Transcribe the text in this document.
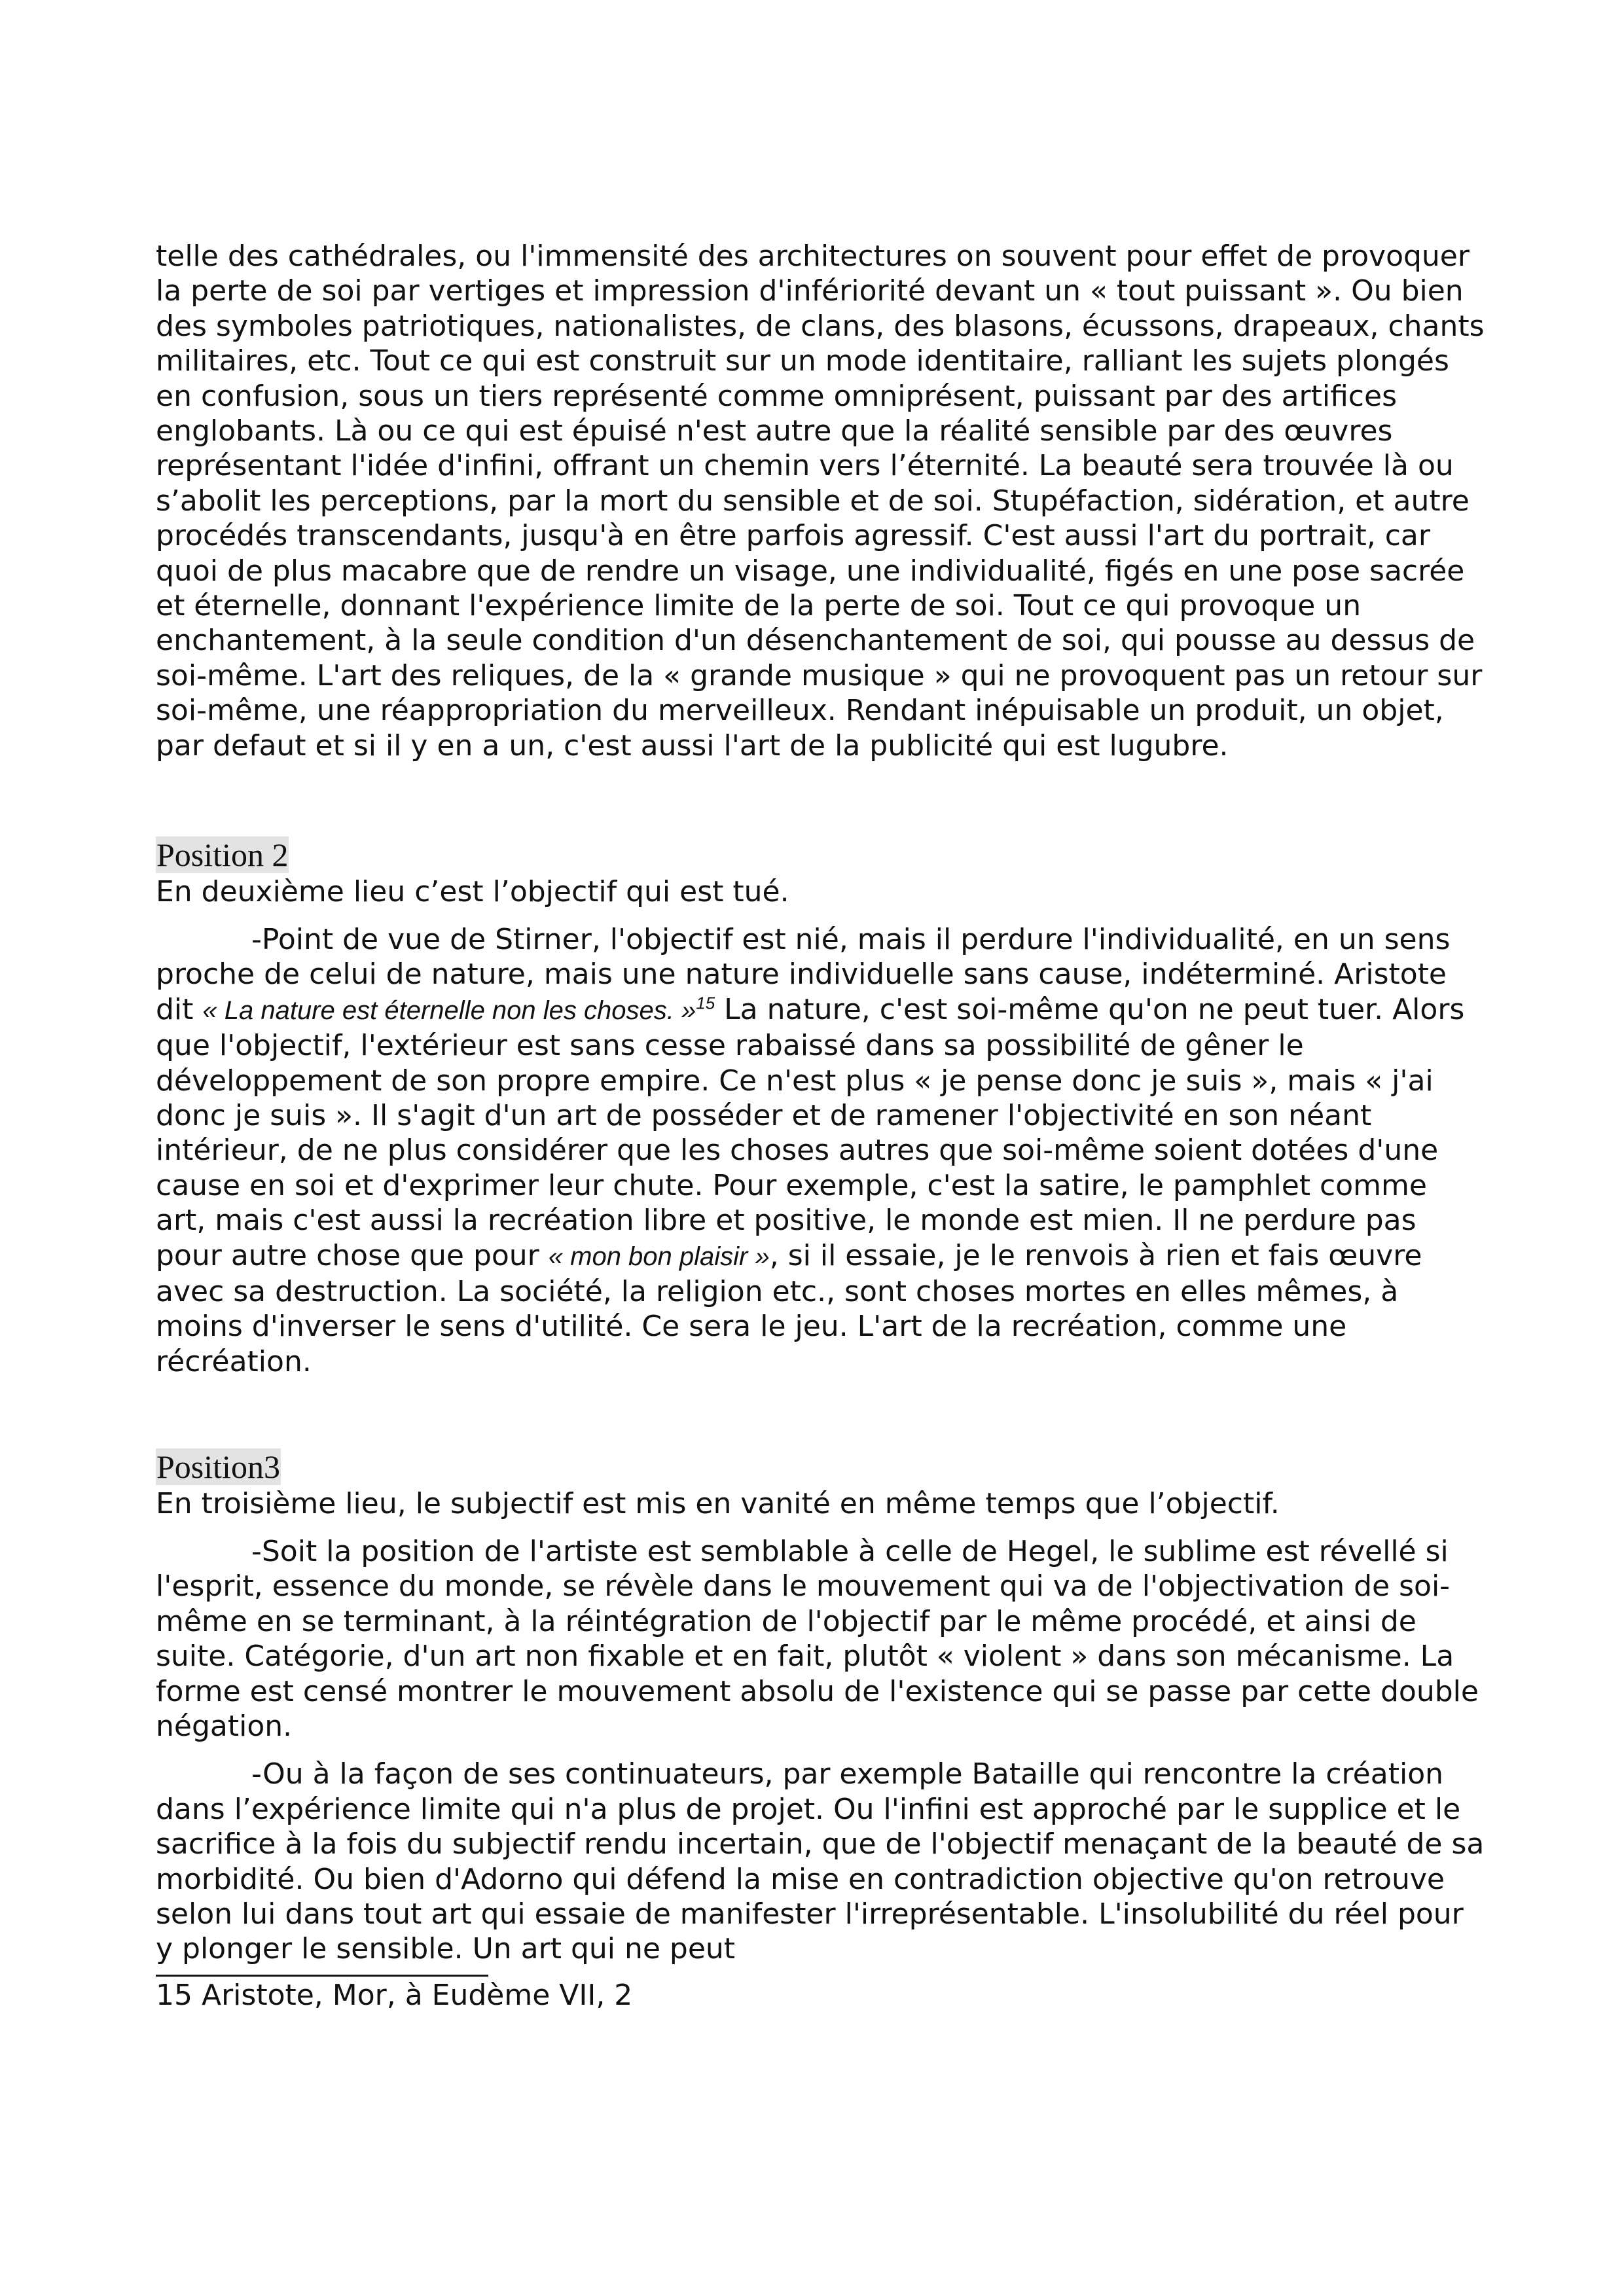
telle des cathédrales, ou l'immensité des architectures on souvent pour effet de provoquer la perte de soi par vertiges et impression d'infériorité devant un « tout puissant ». Ou bien des symboles patriotiques, nationalistes, de clans, des blasons, écussons, drapeaux, chants militaires, etc. Tout ce qui est construit sur un mode identitaire, ralliant les sujets plongés en confusion, sous un tiers représenté comme omniprésent, puissant par des artifices englobants. Là ou ce qui est épuisé n'est autre que la réalité sensible par des œuvres représentant l'idée d'infini, offrant un chemin vers l’éternité. La beauté sera trouvée là ou s’abolit les perceptions, par la mort du sensible et de soi. Stupéfaction, sidération, et autre procédés transcendants, jusqu'à en être parfois agressif. C'est aussi l'art du portrait, car quoi de plus macabre que de rendre un visage, une individualité, figés en une pose sacrée et éternelle, donnant l'expérience limite de la perte de soi. Tout ce qui provoque un enchantement, à la seule condition d'un désenchantement de soi, qui pousse au dessus de soi-même. L'art des reliques, de la « grande musique » qui ne provoquent pas un retour sur soi-même, une réappropriation du merveilleux. Rendant inépuisable un produit, un objet, par defaut et si il y en a un, c'est aussi l'art de la publicité qui est lugubre.

Position 2

En deuxième lieu c’est l’objectif qui est tué.

-Point de vue de Stirner, l'objectif est nié, mais il perdure l'individualité, en un sens proche de celui de nature, mais une nature individuelle sans cause, indéterminé. Aristote dit « La nature est éternelle non les choses. »$^{15}$ La nature, c'est soi-même qu'on ne peut tuer. Alors que l'objectif, l'extérieur est sans cesse rabaissé dans sa possibilité de gêner le développement de son propre empire. Ce n'est plus « je pense donc je suis », mais « j'ai donc je suis ». Il s'agit d'un art de posséder et de ramener l'objectivité en son néant intérieur, de ne plus considérer que les choses autres que soi-même soient dotées d'une cause en soi et d'exprimer leur chute. Pour exemple, c'est la satire, le pamphlet comme art, mais c'est aussi la recréation libre et positive, le monde est mien. Il ne perdure pas pour autre chose que pour « mon bon plaisir », si il essaie, je le renvois à rien et fais œuvre avec sa destruction. La société, la religion etc., sont choses mortes en elles mêmes, à moins d'inverser le sens d'utilité. Ce sera le jeu. L'art de la recréation, comme une récréation.

Position3

En troisième lieu, le subjectif est mis en vanité en même temps que l’objectif.

-Soit la position de l'artiste est semblable à celle de Hegel, le sublime est révellé si l'esprit, essence du monde, se révèle dans le mouvement qui va de l'objectivation de soi-même en se terminant, à la réintégration de l'objectif par le même procédé, et ainsi de suite. Catégorie, d'un art non fixable et en fait, plutôt « violent » dans son mécanisme. La forme est censé montrer le mouvement absolu de l'existence qui se passe par cette double négation.

-Ou à la façon de ses continuateurs, par exemple Bataille qui rencontre la création dans l’expérience limite qui n'a plus de projet. Ou l'infini est approché par le supplice et le sacrifice à la fois du subjectif rendu incertain, que de l'objectif menaçant de la beauté de sa morbidité. Ou bien d'Adorno qui défend la mise en contradiction objective qu'on retrouve selon lui dans tout art qui essaie de manifester l'irreprésentable. L'insolubilité du réel pour y plonger le sensible. Un art qui ne peut

15 Aristote, Mor, à Eudème VII, 2
